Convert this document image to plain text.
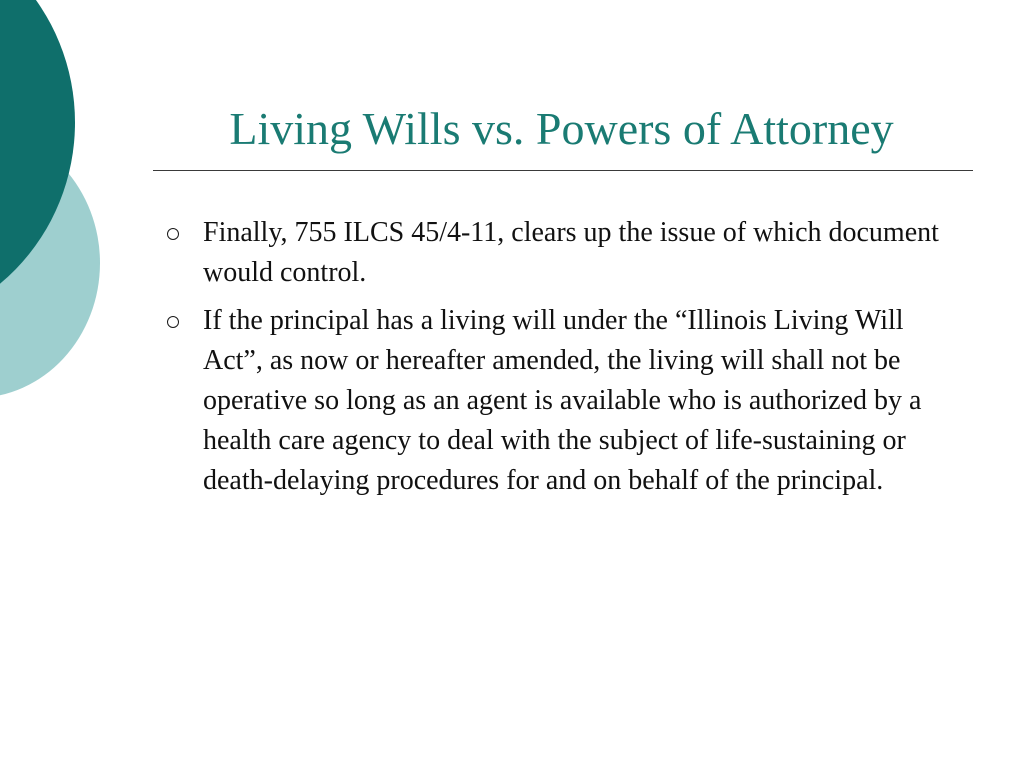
Living Wills vs. Powers of Attorney
Finally, 755 ILCS 45/4-11, clears up the issue of which document would control.
If the principal has a living will under the “Illinois Living Will Act”, as now or hereafter amended, the living will shall not be operative so long as an agent is available who is authorized by a health care agency to deal with the subject of life-sustaining or death-delaying procedures for and on behalf of the principal.
